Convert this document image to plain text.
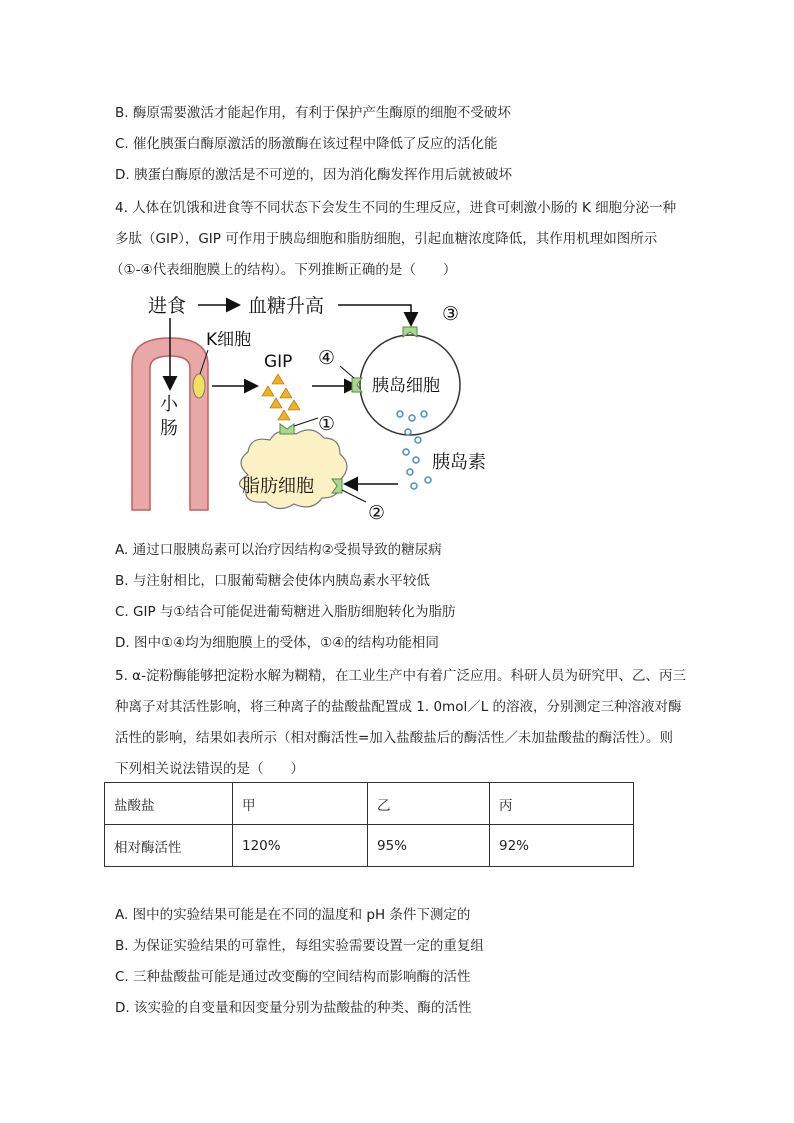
B. 酶原需要激活才能起作用，有利于保护产生酶原的细胞不受破坏
C. 催化胰蛋白酶原激活的肠激酶在该过程中降低了反应的活化能
D. 胰蛋白酶原的激活是不可逆的，因为消化酶发挥作用后就被破坏
4. 人体在饥饿和进食等不同状态下会发生不同的生理反应，进食可刺激小肠的 K 细胞分泌一种
多肽（GIP），GIP 可作用于胰岛细胞和脂肪细胞，引起血糖浓度降低，其作用机理如图所示
（①-④代表细胞膜上的结构）。下列推断正确的是（　　）
进食	血糖升高
K细胞
GIP
小
肠
胰岛细胞
脂肪细胞
胰岛素
①
②
③
④
A. 通过口服胰岛素可以治疗因结构②受损导致的糖尿病
B. 与注射相比，口服葡萄糖会使体内胰岛素水平较低
C. GIP 与①结合可能促进葡萄糖进入脂肪细胞转化为脂肪
D. 图中①④均为细胞膜上的受体，①④的结构功能相同
5. α-淀粉酶能够把淀粉水解为糊精，在工业生产中有着广泛应用。科研人员为研究甲、乙、丙三
种离子对其活性影响，将三种离子的盐酸盐配置成 1. 0mol／L 的溶液，分别测定三种溶液对酶
活性的影响，结果如表所示（相对酶活性=加入盐酸盐后的酶活性／未加盐酸盐的酶活性）。则
下列相关说法错误的是（　　）
盐酸盐	甲	乙	丙
相对酶活性	120%	95%	92%
A. 图中的实验结果可能是在不同的温度和 pH 条件下测定的
B. 为保证实验结果的可靠性，每组实验需要设置一定的重复组
C. 三种盐酸盐可能是通过改变酶的空间结构而影响酶的活性
D. 该实验的自变量和因变量分别为盐酸盐的种类、酶的活性
